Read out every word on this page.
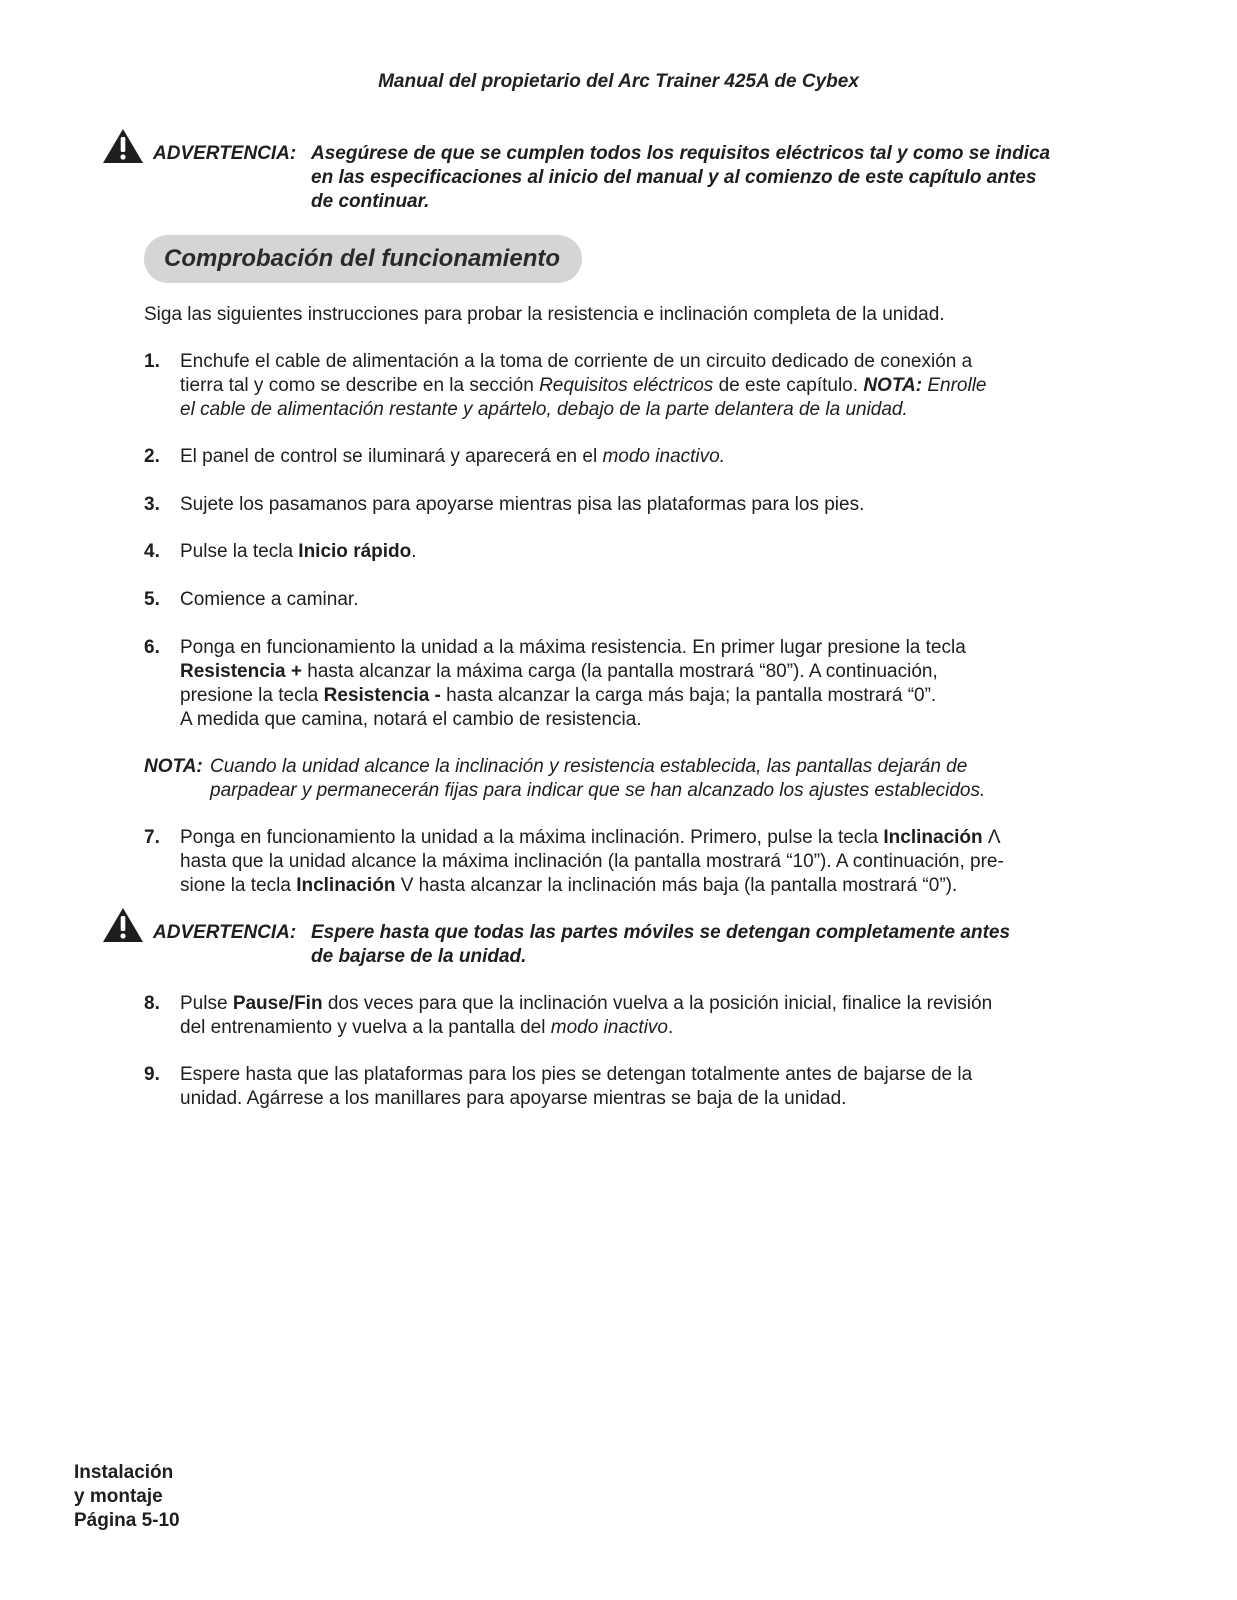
Manual del propietario del Arc Trainer 425A de Cybex
ADVERTENCIA: Asegúrese de que se cumplen todos los requisitos eléctricos tal y como se indica
en las especificaciones al inicio del manual y al comienzo de este capítulo antes
de continuar.
Comprobación del funcionamiento
Siga las siguientes instrucciones para probar la resistencia e inclinación completa de la unidad.
1. Enchufe el cable de alimentación a la toma de corriente de un circuito dedicado de conexión a
tierra tal y como se describe en la sección Requisitos eléctricos de este capítulo. NOTA: Enrolle
el cable de alimentación restante y apártelo, debajo de la parte delantera de la unidad.
2. El panel de control se iluminará y aparecerá en el modo inactivo.
3. Sujete los pasamanos para apoyarse mientras pisa las plataformas para los pies.
4. Pulse la tecla Inicio rápido.
5. Comience a caminar.
6. Ponga en funcionamiento la unidad a la máxima resistencia. En primer lugar presione la tecla
Resistencia + hasta alcanzar la máxima carga (la pantalla mostrará “80”). A continuación,
presione la tecla Resistencia - hasta alcanzar la carga más baja; la pantalla mostrará “0”.
A medida que camina, notará el cambio de resistencia.
NOTA: Cuando la unidad alcance la inclinación y resistencia establecida, las pantallas dejarán de
parpadear y permanecerán fijas para indicar que se han alcanzado los ajustes establecidos.
7. Ponga en funcionamiento la unidad a la máxima inclinación. Primero, pulse la tecla Inclinación Λ
hasta que la unidad alcance la máxima inclinación (la pantalla mostrará “10”). A continuación, pre-
sione la tecla Inclinación V hasta alcanzar la inclinación más baja (la pantalla mostrará “0”).
ADVERTENCIA: Espere hasta que todas las partes móviles se detengan completamente antes
de bajarse de la unidad.
8. Pulse Pause/Fin dos veces para que la inclinación vuelva a la posición inicial, finalice la revisión
del entrenamiento y vuelva a la pantalla del modo inactivo.
9. Espere hasta que las plataformas para los pies se detengan totalmente antes de bajarse de la
unidad. Agárrese a los manillares para apoyarse mientras se baja de la unidad.
Instalación
y montaje
Página 5-10
